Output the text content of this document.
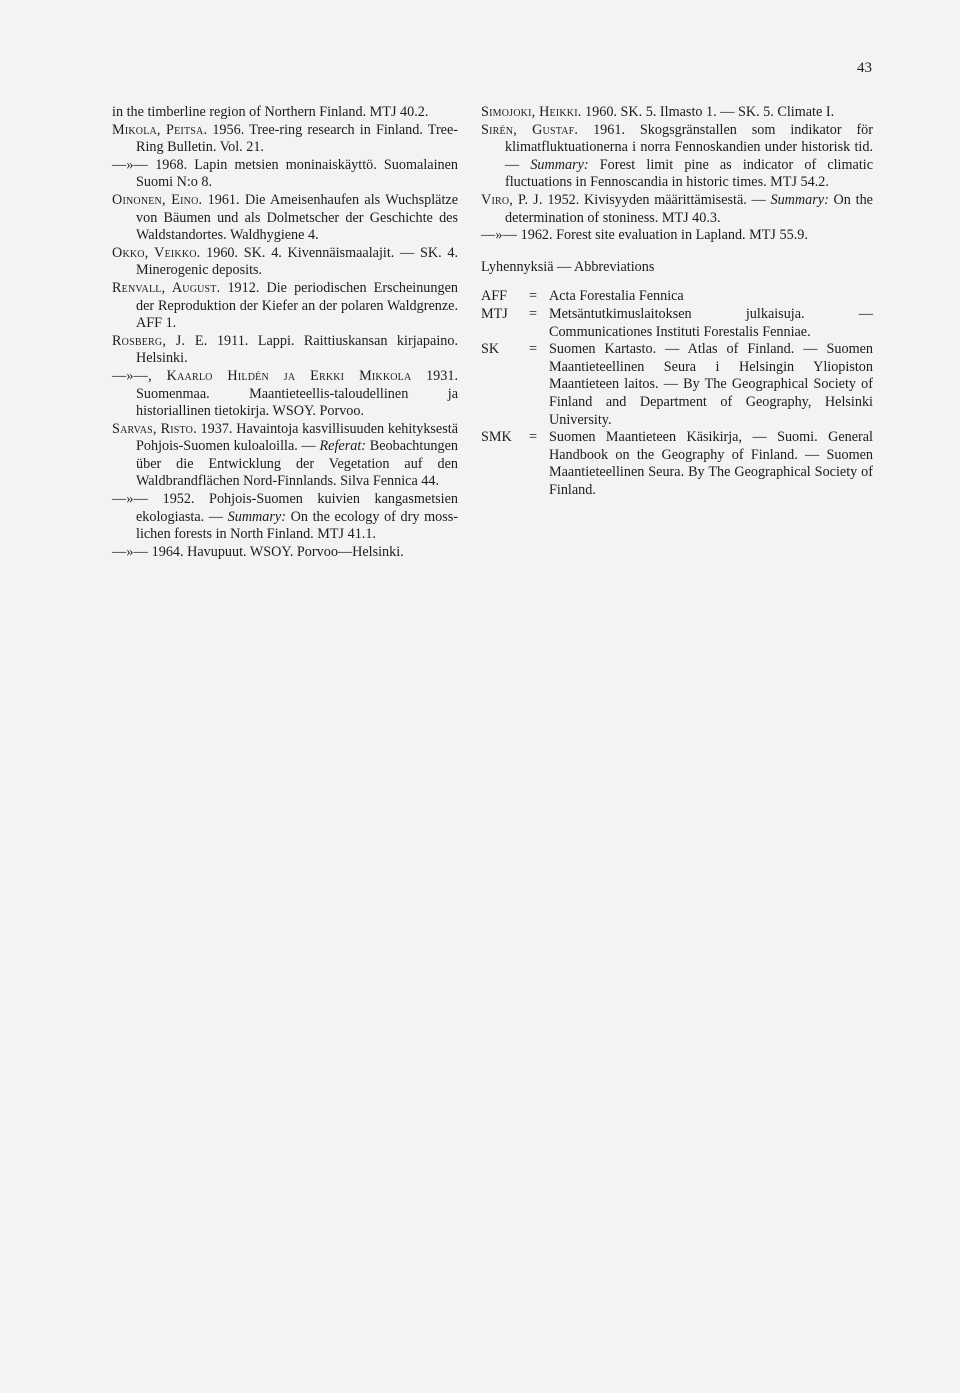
43
in the timberline region of Northern Finland. MTJ 40.2.
Mikola, Peitsa. 1956. Tree-ring research in Finland. Tree-Ring Bulletin. Vol. 21.
—»— 1968. Lapin metsien moninaiskäyttö. Suomalainen Suomi N:o 8.
Oinonen, Eino. 1961. Die Ameisenhaufen als Wuchsplätze von Bäumen und als Dolmetscher der Geschichte des Waldstandortes. Waldhygiene 4.
Okko, Veikko. 1960. SK. 4. Kivennäismaalajit. — SK. 4. Minerogenic deposits.
Renvall, August. 1912. Die periodischen Erscheinungen der Reproduktion der Kiefer an der polaren Waldgrenze. AFF 1.
Rosberg, J. E. 1911. Lappi. Raittiuskansan kirjapaino. Helsinki.
—»—, Kaarlo Hildén ja Erkki Mikkola 1931. Suomenmaa. Maantieteellis-taloudellinen ja historiallinen tietokirja. WSOY. Porvoo.
Sarvas, Risto. 1937. Havaintoja kasvillisuuden kehityksestä Pohjois-Suomen kuloaloilla. — Referat: Beobachtungen über die Entwicklung der Vegetation auf den Waldbrandflächen Nord-Finnlands. Silva Fennica 44.
—»— 1952. Pohjois-Suomen kuivien kangasmetsien ekologiasta. — Summary: On the ecology of dry moss-lichen forests in North Finland. MTJ 41.1.
—»— 1964. Havupuut. WSOY. Porvoo—Helsinki.
Simojoki, Heikki. 1960. SK. 5. Ilmasto 1. — SK. 5. Climate I.
Sirén, Gustaf. 1961. Skogsgränstallen som indikator för klimatfluktuationerna i norra Fennoskandien under historisk tid. — Summary: Forest limit pine as indicator of climatic fluctuations in Fennoscandia in historic times. MTJ 54.2.
Viro, P. J. 1952. Kivisyyden määrittämisestä. — Summary: On the determination of stoniness. MTJ 40.3.
—»— 1962. Forest site evaluation in Lapland. MTJ 55.9.
Lyhennyksiä — Abbreviations
AFF	= Acta Forestalia Fennica
MTJ	= Metsäntutkimuslaitoksen julkaisuja. — Communicationes Instituti Forestalis Fenniae.
SK	= Suomen Kartasto. — Atlas of Finland. — Suomen Maantieteellinen Seura i Helsingin Yliopiston Maantieteen laitos. — By The Geographical Society of Finland and Department of Geography, Helsinki University.
SMK	= Suomen Maantieteen Käsikirja, — Suomi. General Handbook on the Geography of Finland. — Suomen Maantieteellinen Seura. By The Geographical Society of Finland.
